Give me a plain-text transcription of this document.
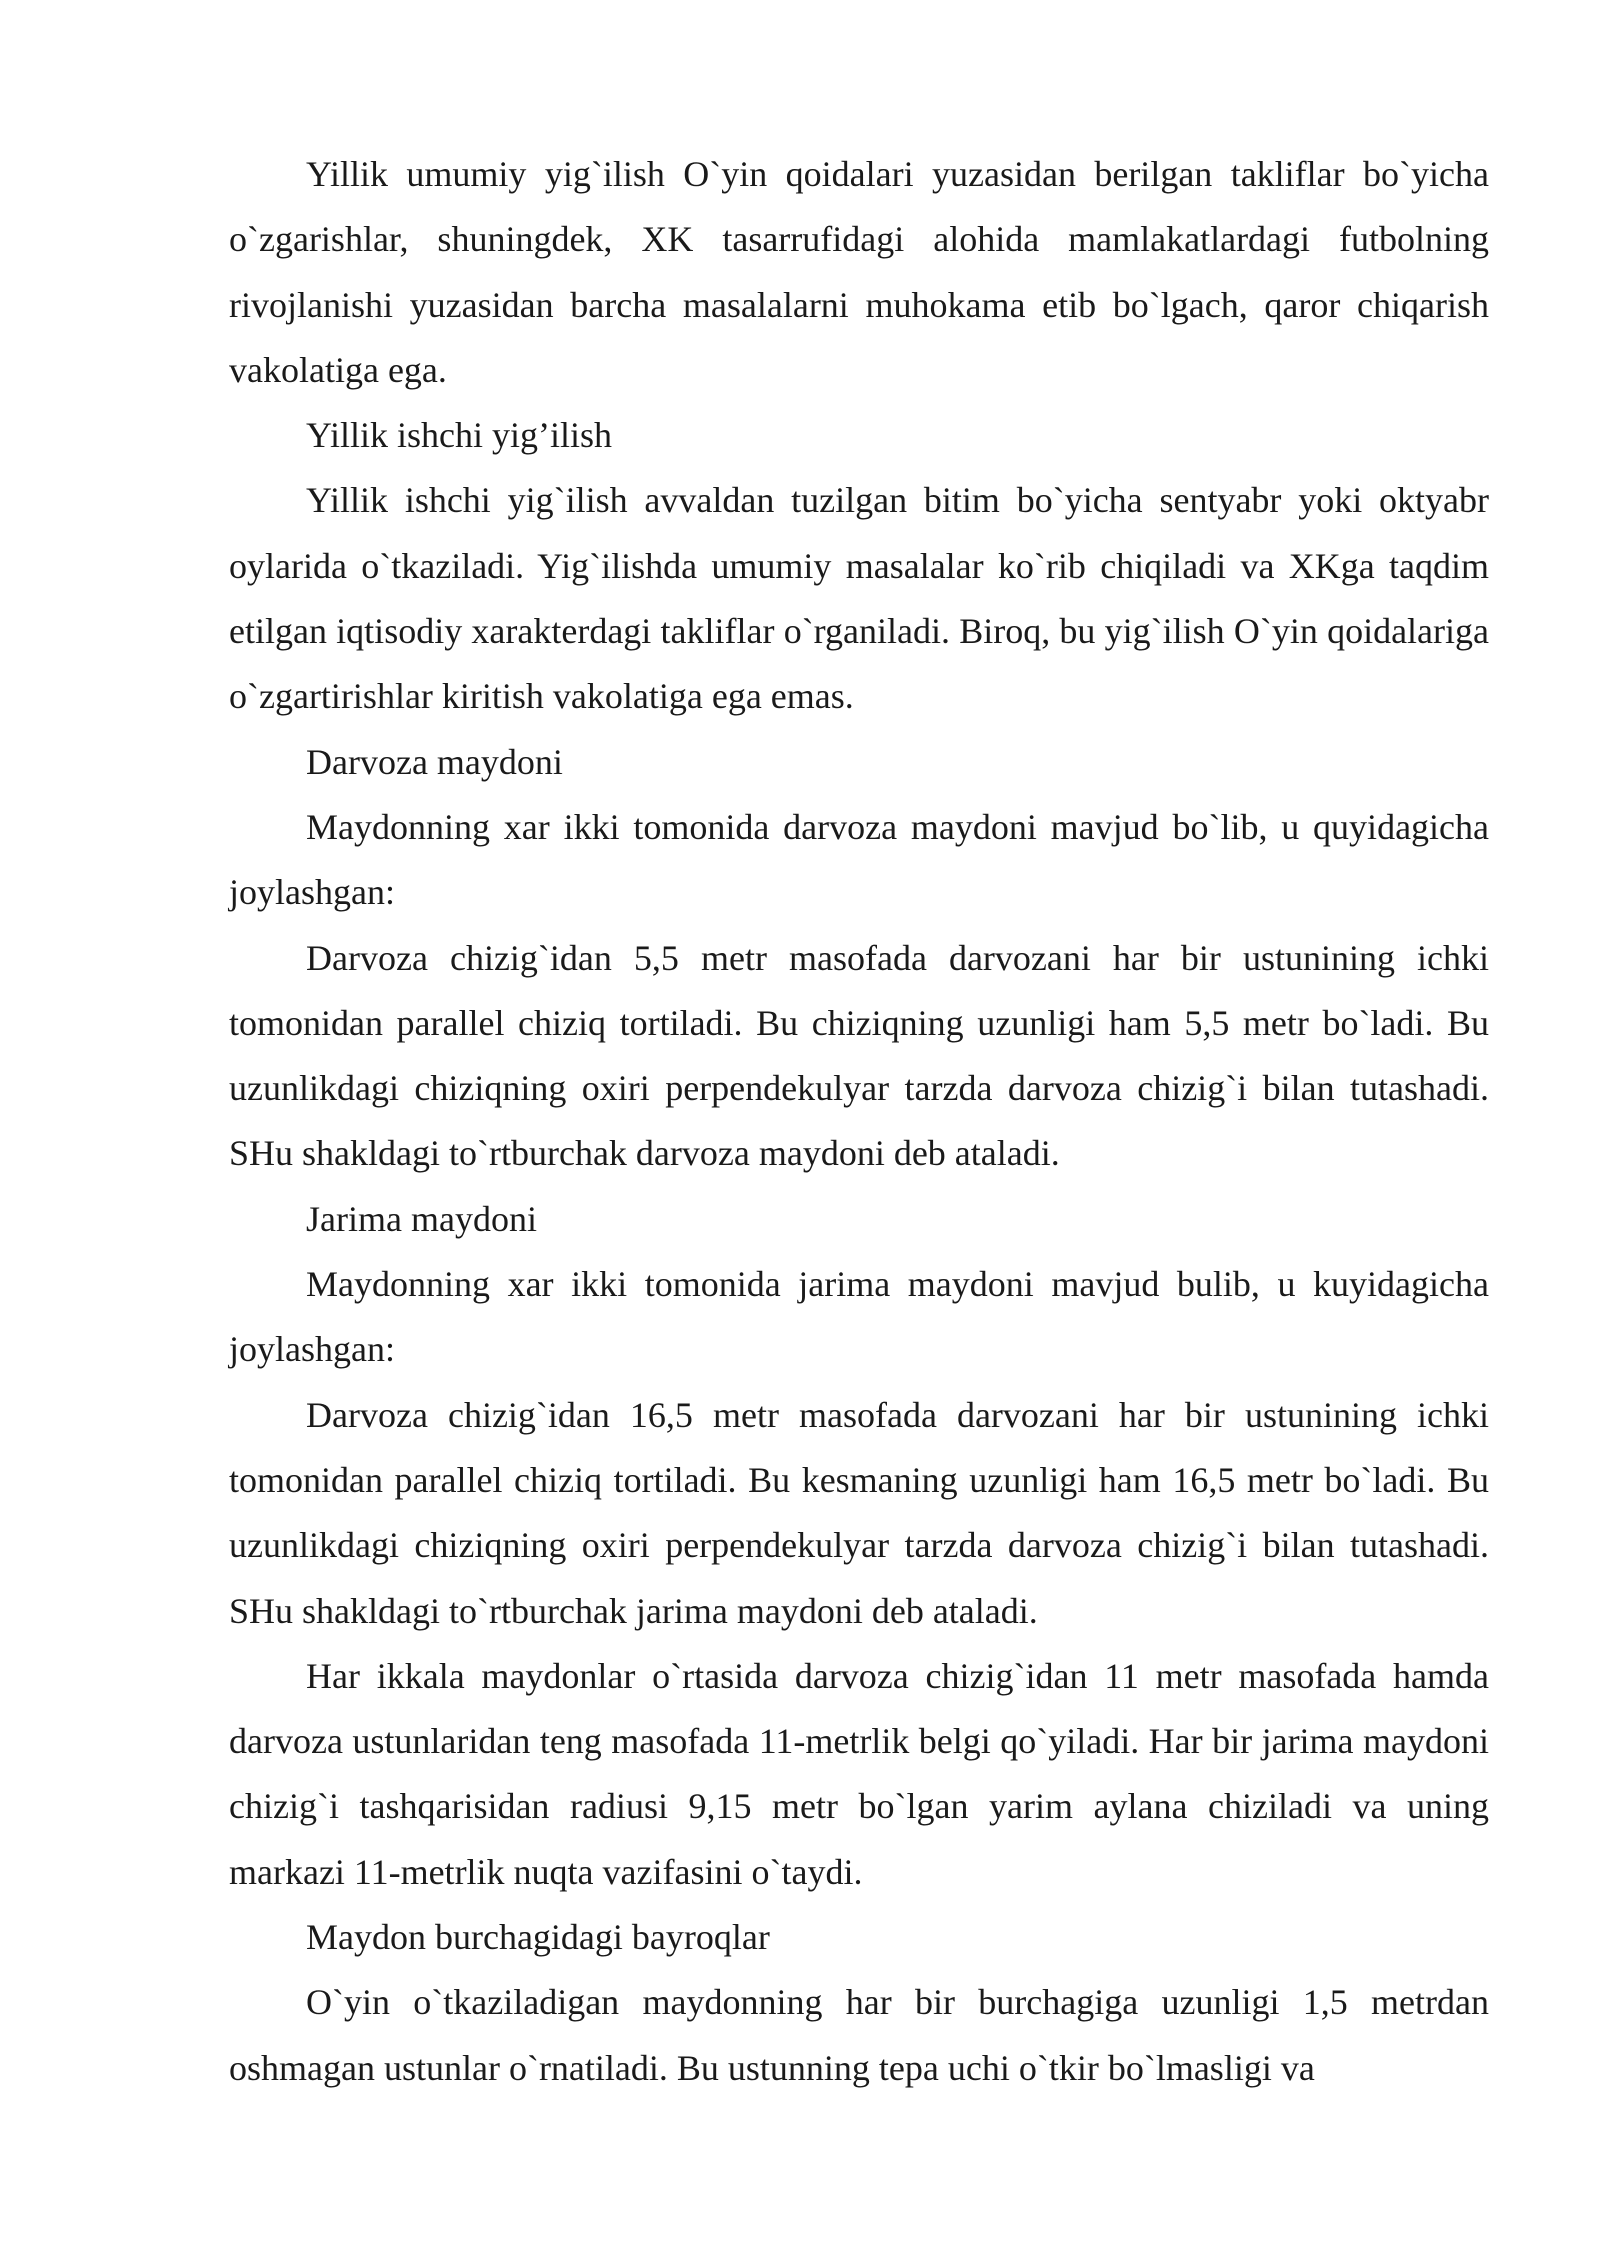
Yillik umumiy yig`ilish O`yin qoidalari yuzasidan berilgan takliflar bo`yicha o`zgarishlar, shuningdek, XK tasarrufidagi alohida mamlakatlardagi futbolning rivojlanishi yuzasidan barcha masalalarni muhokama etib bo`lgach, qaror chiqarish vakolatiga ega.

Yillik ishchi yig’ilish

Yillik ishchi yig`ilish avvaldan tuzilgan bitim bo`yicha sentyabr yoki oktyabr oylarida o`tkaziladi. Yig`ilishda umumiy masalalar ko`rib chiqiladi va XKga taqdim etilgan iqtisodiy xarakterdagi takliflar o`rganiladi. Biroq, bu yig`ilish O`yin qoidalariga o`zgartirishlar kiritish vakolatiga ega emas.

Darvoza maydoni

Maydonning xar ikki tomonida darvoza maydoni mavjud bo`lib, u quyidagicha joylashgan:

Darvoza chizig`idan 5,5 metr masofada darvozani har bir ustunining ichki tomonidan parallel chiziq tortiladi. Bu chiziqning uzunligi ham 5,5 metr bo`ladi. Bu uzunlikdagi chiziqning oxiri perpendekulyar tarzda darvoza chizig`i bilan tutashadi. SHu shakldagi to`rtburchak darvoza maydoni deb ataladi.

Jarima maydoni

Maydonning xar ikki tomonida jarima maydoni mavjud bulib, u kuyidagicha joylashgan:

Darvoza chizig`idan 16,5 metr masofada darvozani har bir ustunining ichki tomonidan parallel chiziq tortiladi. Bu kesmaning uzunligi ham 16,5 metr bo`ladi. Bu uzunlikdagi chiziqning oxiri perpendekulyar tarzda darvoza chizig`i bilan tutashadi. SHu shakldagi to`rtburchak jarima maydoni deb ataladi.

Har ikkala maydonlar o`rtasida darvoza chizig`idan 11 metr masofada hamda darvoza ustunlaridan teng masofada 11-metrlik belgi qo`yiladi. Har bir jarima maydoni chizig`i tashqarisidan radiusi 9,15 metr bo`lgan yarim aylana chiziladi va uning markazi 11-metrlik nuqta vazifasini o`taydi.

Maydon burchagidagi bayroqlar

O`yin o`tkaziladigan maydonning har bir burchagiga uzunligi 1,5 metrdan oshmagan ustunlar o`rnatiladi. Bu ustunning tepa uchi o`tkir bo`lmasligi va
